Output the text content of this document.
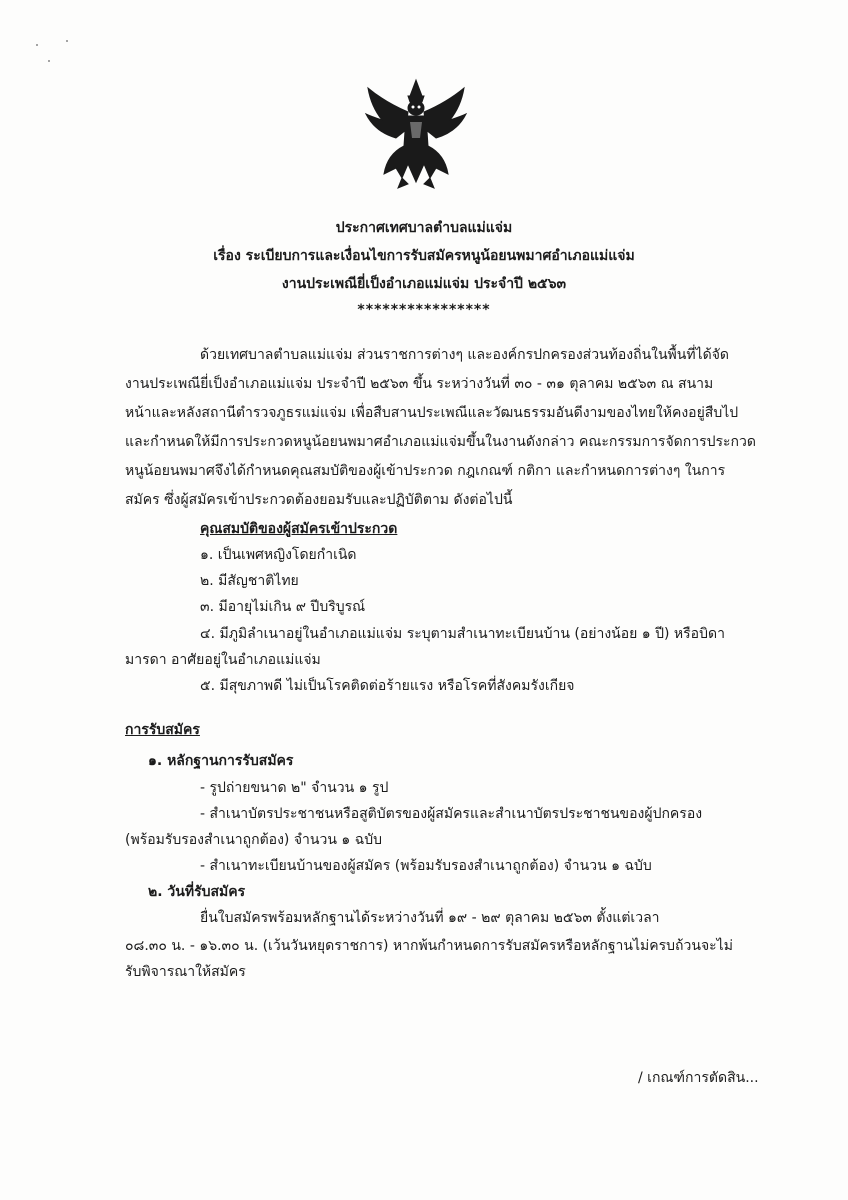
ประกาศเทศบาลตำบลแม่แจ่ม
เรื่อง ระเบียบการและเงื่อนไขการรับสมัครหนูน้อยนพมาศอำเภอแม่แจ่ม
งานประเพณียี่เป็งอำเภอแม่แจ่ม ประจำปี ๒๕๖๓
****************
ด้วยเทศบาลตำบลแม่แจ่ม ส่วนราชการต่างๆ และองค์กรปกครองส่วนท้องถิ่นในพื้นที่ได้จัด
งานประเพณียี่เป็งอำเภอแม่แจ่ม ประจำปี ๒๕๖๓ ขึ้น ระหว่างวันที่ ๓๐ - ๓๑ ตุลาคม ๒๕๖๓ ณ สนาม
หน้าและหลังสถานีตำรวจภูธรแม่แจ่ม เพื่อสืบสานประเพณีและวัฒนธรรมอันดีงามของไทยให้คงอยู่สืบไป
และกำหนดให้มีการประกวดหนูน้อยนพมาศอำเภอแม่แจ่มขึ้นในงานดังกล่าว คณะกรรมการจัดการประกวด
หนูน้อยนพมาศจึงได้กำหนดคุณสมบัติของผู้เข้าประกวด กฎเกณฑ์ กติกา และกำหนดการต่างๆ ในการ
สมัคร ซึ่งผู้สมัครเข้าประกวดต้องยอมรับและปฏิบัติตาม ดังต่อไปนี้
คุณสมบัติของผู้สมัครเข้าประกวด
๑. เป็นเพศหญิงโดยกำเนิด
๒. มีสัญชาติไทย
๓. มีอายุไม่เกิน ๙ ปีบริบูรณ์
๔. มีภูมิลำเนาอยู่ในอำเภอแม่แจ่ม ระบุตามสำเนาทะเบียนบ้าน (อย่างน้อย ๑ ปี) หรือบิดา
มารดา อาศัยอยู่ในอำเภอแม่แจ่ม
๕. มีสุขภาพดี ไม่เป็นโรคติดต่อร้ายแรง หรือโรคที่สังคมรังเกียจ
การรับสมัคร
๑. หลักฐานการรับสมัคร
- รูปถ่ายขนาด ๒" จำนวน ๑ รูป
- สำเนาบัตรประชาชนหรือสูติบัตรของผู้สมัครและสำเนาบัตรประชาชนของผู้ปกครอง
(พร้อมรับรองสำเนาถูกต้อง) จำนวน ๑ ฉบับ
- สำเนาทะเบียนบ้านของผู้สมัคร (พร้อมรับรองสำเนาถูกต้อง) จำนวน ๑ ฉบับ
๒. วันที่รับสมัคร
ยื่นใบสมัครพร้อมหลักฐานได้ระหว่างวันที่ ๑๙ - ๒๙ ตุลาคม ๒๕๖๓ ตั้งแต่เวลา
๐๘.๓๐ น. - ๑๖.๓๐ น. (เว้นวันหยุดราชการ) หากพ้นกำหนดการรับสมัครหรือหลักฐานไม่ครบถ้วนจะไม่
รับพิจารณาให้สมัคร
/ เกณฑ์การตัดสิน...
